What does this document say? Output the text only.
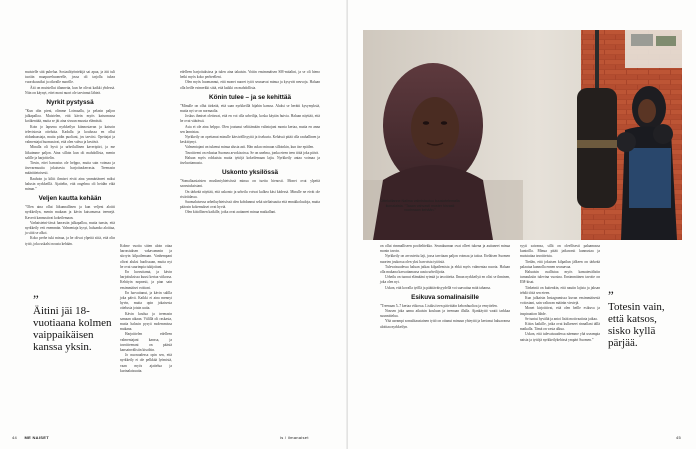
muistelle sitä puhelua. Sosiaalityöntekijä sai apua, ja äiti tuli tuotiin maapuvehuoneelle, jossa oli tarjolla tukea vuorokausiksi ja oikealle nuorille.

Äiti on muistellut tilannetta, kun he olivat kaikki yhdessä. Niin on käynyt, ettei moni nuori ole tarvinnut lähteä.

Nyrkit pystyssä

”Kun olin pieni, olimme Loimaalla, ja pelasin paljon jalkapalloa. Muistelen, että kävin myös katsomassa kotikenttää, mutta se jäi aina sivuun muusta elämästä.

Koin jo lapsena nyrkkeilyn kiinnostavan ja katsoin televisiosta otteluita. Kadulla ja koulussa en ollut riidanhaastaja, mutta pidin puoliani, jos tarvitsi. Opettajat ja valmentajat huomasivat, että olen vahva ja kestävä.

Minulla oli hyvä ja urheilullinen kaveripiiri, ja me liikuimme paljon. Aina silloin kun oli mahdollista, menin salille ja harjoittelin.

Tiesin, ettei harrastus ole helppo, mutta sain voimaa ja itsevarmuutta jokaisesta harjoituskerrasta. Treenasin määrätietoisesti.

Rauhoin ja kiltit ihmiset eivät aina ymmärtäneet miksi halusin nyrkkeillä. Ajattelin, että ongelma oli heidän eikä minun.”

Veljen kautta kehään

”Olen aina ollut liikunnallinen ja kun veljeni aloitti nyrkkeilyn, menin mukaan ja kävin katsomassa treenejä. Kaverit kannustivat kokeilemaan.

Varhaisteini-iässä harrastin jalkapalloa, mutta tunsin, että nyrkkeily veti enemmän. Valmentaja kysyi, haluanko aloittaa, ja siitä se alkoi.

Koko perhe tuki minua, ja he olivat ylpeitä siitä, että olin tyttö, joka uskalsi nousta kehään.

”
Äitini jäi 18-vuotiaana kolmen vaippaikäisen kanssa yksin.

Kolme vuotta sitten aloin ottaa harrastuksen vakavammin ja siirryin kilpailemaan. Vanhempani olivat aluksi huolissaan, mutta nyt he ovat suurimpia tukijoitani.

En luovuttanut, ja kävin harjoituksissa kuusi kertaa viikossa. Kehityin nopeasti, ja pian sain ensimmäiset voittoni.

En luovuttanut, ja kävin salilla joka päivä. Kaikki ei aina mennyt hyvin, mutta opin jokaisesta ottelusta jotain uutta.

Kävin koulua ja treenasin samaan aikaan. Välillä oli raskasta, mutta halusin pysyä molemmissa mukana.

Harjoittelen edelleen valmentajani kanssa, ja tavoitteenani on päästä kansainvälisiin kisoihin.

Jo nuoruudessa opin sen, että nyrkkeily ei ole pelkkää lyömistä, vaan myös ajattelua ja kurinalaisuutta.

edelleen harjoituksissa ja tulen aina takaisin. Voitin ensimmäisen SM-mitalini, ja se oli hieno hetki myös koko perheelleni.

Olen myös huomannut, että monet nuoret tytöt seuraavat minua ja kysyvät neuvoja. Haluan olla heille esimerkki siitä, että kaikki on mahdollista.

Könin tulee – ja se kehittää

”Minulle on ollut tärkeää, että saan nyrkkeillä hijabin kanssa. Aluksi se herätti kysymyksiä, mutta nyt se on normaalia.

Joskus ihmiset olettavat, että en voi olla urheilija, koska käytän huivia. Haluan näyttää, että he ovat väärässä.

Asia ei ole aina helppo. Olen joutunut selittämään valintojani monta kertaa, mutta en anna sen lannistaa.

Nyrkkeily on opettanut minulle kärsivällisyyttä ja itsekuria. Kehässä pitää olla rauhallinen ja keskittynyt.

Valmentajani on tukenut minua alusta asti. Hän uskoo minuun silloinkin, kun itse epäilen.

Tavoitteeni on edustaa Suomea arvokisoissa. Se on unelma, jonka eteen teen töitä joka päivä.

Haluan myös rohkaista muita tyttöjä kokeilemaan lajia. Nyrkkeily antaa voimaa ja itseluottamusta.

Uskonto yksilössä

”Somaliaasiaisten muslimiyhteisössä minua on tuettu hienosti. Monet ovat ylpeitä saavutuksistani.

On tärkeää näyttää, että uskonto ja urheilu voivat kulkea käsi kädessä. Minulle ne eivät ole ristiriidassa.

Suomalaisessa urheiluyhteisössä olen kohdannut sekä uteliaisuutta että ennakkoluuloja, mutta pääosin kokemukset ovat hyviä.

Olen kiitollinen kaikille, jotka ovat auttaneet minua matkallani.

44 ME NAISET	is / ilmanaiset
Ottelutilanne Naiima valmistautuu kuusiotelemalla ikonaiaista. "Taaan vahvasti moster hirvasti vuoinnaan kehään."

on ollut rimmalliseen pooltelttekko. Seurakunnan ovat olleet tukena ja auttaneet minua monin tavoin.

Nyrkkeily on arvostettu laji, jossa tarvitaan paljon voimaa ja taitoa. Eteläisen Suomen nuorten joukossa olen yksi harvoista tytöistä.

Tulevaisuudessa haluan jatkaa kilpailemista ja ehkä myös valmentaa nuoria. Haluan olla mukana kasvattamassa uusia urheilijoita.

Urheilu on tuonut elämääni rytmiä ja tavoitteita. Ilman nyrkkeilyä en olisi se ihminen, joka olen nyt.

Uskon, että kovalla työllä ja päättäväisyydellä voi saavuttaa mitä tahansa.

Esikuva somalinaisille

”Treenaan 5–7 kertaa viikossa. Lisäksi teen päivittäin kehonhuoltoa ja venyttelen.

Nousen joka aamu aikaisin kouluun ja treenaan illalla. Ajankäyttö vaatii tarkkaa suunnittelua.

Yhä useampi somalitaustainen tyttö on ottanut minuun yhteyttä ja kertonut haluavansa aloittaa nyrkkeilyn.

syyti saivansa, sillä on oleellisesti palaamassa kuntoilla. Minua pitää jatkuvasti kannustaa ja muistuttaa tavoitteista.

Tiedän, että jokaisen kilpailun jälkeen on tärkeää palautua kunnolla ennen seuraavaa.

Haluaisin osallistua myös kansainvälisiin turnauksiin tulevina vuosina. Ensimmäinen tavoite on EM-kisat.

Tärkeintä on kuitenkin, että nautin lajista ja jaksan tehdä töitä sen eteen.

Kun julkaisin Instagramissa kuvan ensimmäisestä voitostani, sain valtavan määrän viestejä.

Monet kirjoittivat, että olen heille esikuva ja inspiraation lähde.

Se tuntui hyvältä ja antoi lisää motivaatiota jatkaa.

Kiitos kaikille, jotka ovat kulkeneet rinnallani tällä matkalla. Tämä on vasta alkua.

Uskon, että tulevaisuudessa näemme yhä useampia naisia ja tyttöjä nyrkkeilykehissä ympäri Suomen.”

”
Totesin vain, että katsos, sisko kyllä pärjää.
45
